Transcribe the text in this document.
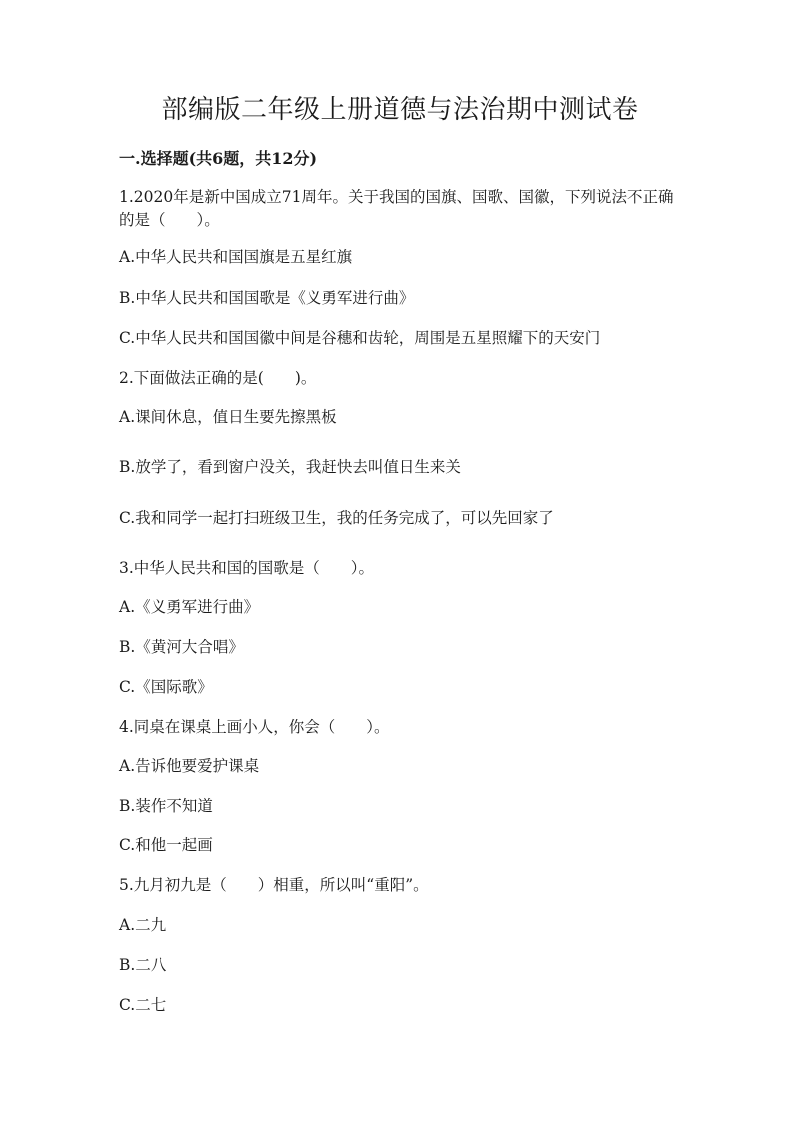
部编版二年级上册道德与法治期中测试卷
一.选择题(共6题，共12分)
1.2020年是新中国成立71周年。关于我国的国旗、国歌、国徽，下列说法不正确的是（　　）。
A.中华人民共和国国旗是五星红旗
B.中华人民共和国国歌是《义勇军进行曲》
C.中华人民共和国国徽中间是谷穗和齿轮，周围是五星照耀下的天安门
2.下面做法正确的是(　　)。
A.课间休息，值日生要先擦黑板
B.放学了，看到窗户没关，我赶快去叫值日生来关
C.我和同学一起打扫班级卫生，我的任务完成了，可以先回家了
3.中华人民共和国的国歌是（　　）。
A.《义勇军进行曲》
B.《黄河大合唱》
C.《国际歌》
4.同桌在课桌上画小人，你会（　　）。
A.告诉他要爱护课桌
B.装作不知道
C.和他一起画
5.九月初九是（　　）相重，所以叫“重阳”。
A.二九
B.二八
C.二七
